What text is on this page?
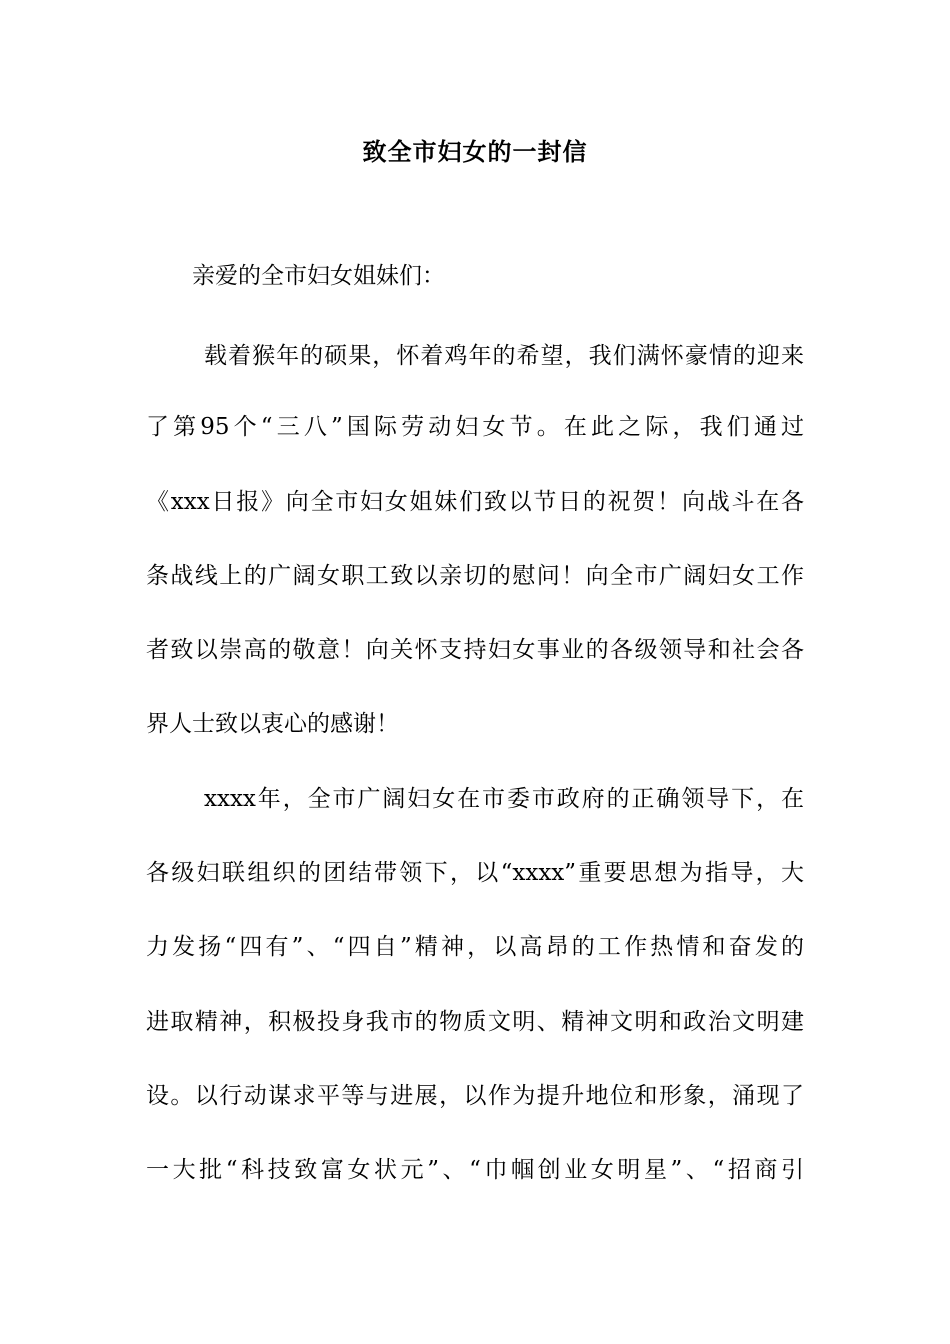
致全市妇女的一封信
亲爱的全市妇女姐妹们：
载着猴年的硕果，怀着鸡年的希望，我们满怀豪情的迎来
了第95个“三八”国际劳动妇女节。在此之际，我们通过
《xxx日报》向全市妇女姐妹们致以节日的祝贺！向战斗在各
条战线上的广阔女职工致以亲切的慰问！向全市广阔妇女工作
者致以崇高的敬意！向关怀支持妇女事业的各级领导和社会各
界人士致以衷心的感谢！
xxxx年，全市广阔妇女在市委市政府的正确领导下，在
各级妇联组织的团结带领下，以“xxxx”重要思想为指导，大
力发扬“四有”、“四自”精神，以高昂的工作热情和奋发的
进取精神，积极投身我市的物质文明、精神文明和政治文明建
设。以行动谋求平等与进展，以作为提升地位和形象，涌现了
一大批“科技致富女状元”、“巾帼创业女明星”、“招商引
